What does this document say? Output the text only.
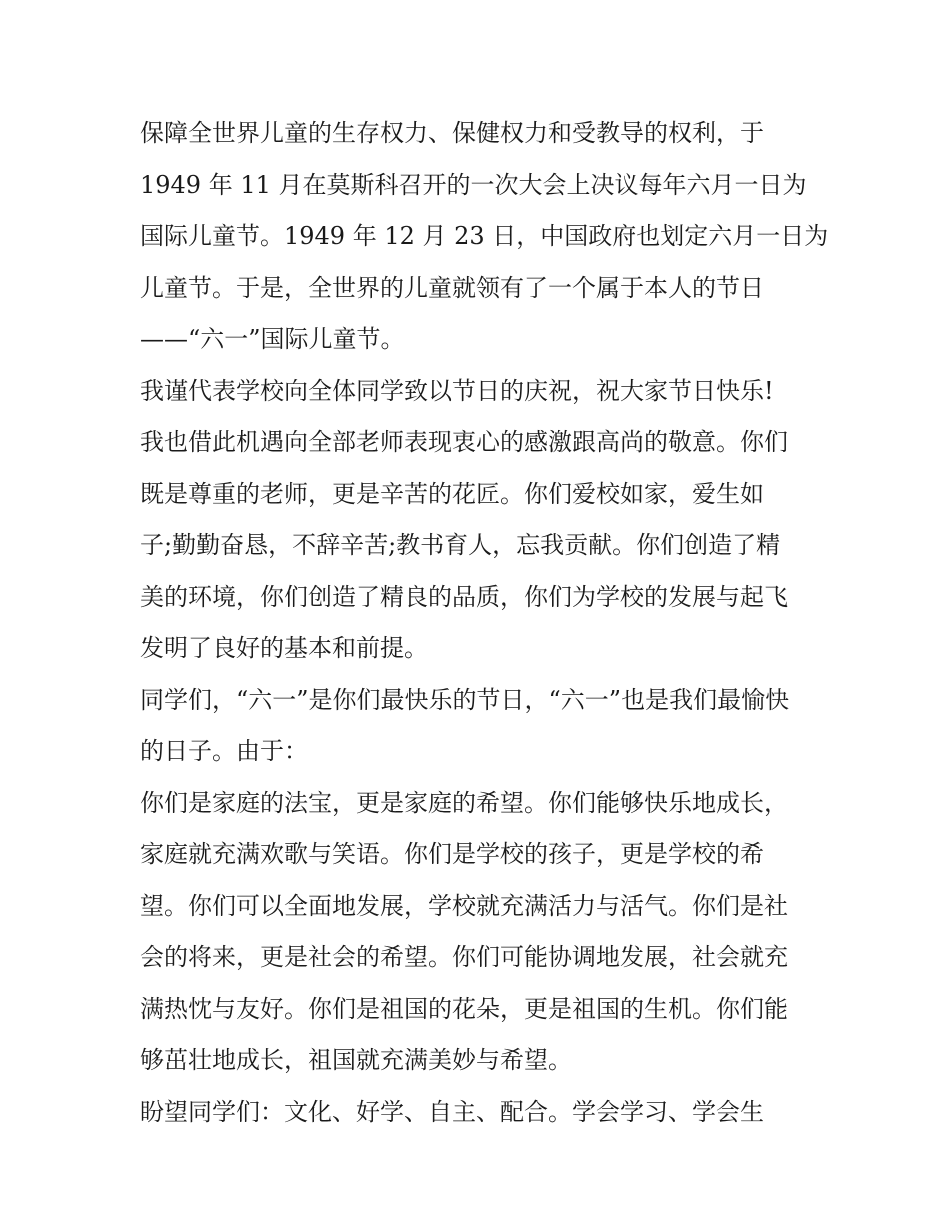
保障全世界儿童的生存权力、保健权力和受教导的权利，于
1949 年 11 月在莫斯科召开的一次大会上决议每年六月一日为
国际儿童节。1949 年 12 月 23 日，中国政府也划定六月一日为
儿童节。于是，全世界的儿童就领有了一个属于本人的节日
——“六一”国际儿童节。
我谨代表学校向全体同学致以节日的庆祝，祝大家节日快乐!
我也借此机遇向全部老师表现衷心的感激跟高尚的敬意。你们
既是尊重的老师，更是辛苦的花匠。你们爱校如家，爱生如
子;勤勤奋恳，不辞辛苦;教书育人，忘我贡献。你们创造了精
美的环境，你们创造了精良的品质，你们为学校的发展与起飞
发明了良好的基本和前提。
同学们，“六一”是你们最快乐的节日，“六一”也是我们最愉快
的日子。由于：
你们是家庭的法宝，更是家庭的希望。你们能够快乐地成长，
家庭就充满欢歌与笑语。你们是学校的孩子，更是学校的希
望。你们可以全面地发展，学校就充满活力与活气。你们是社
会的将来，更是社会的希望。你们可能协调地发展，社会就充
满热忱与友好。你们是祖国的花朵，更是祖国的生机。你们能
够茁壮地成长，祖国就充满美妙与希望。
盼望同学们：文化、好学、自主、配合。学会学习、学会生
